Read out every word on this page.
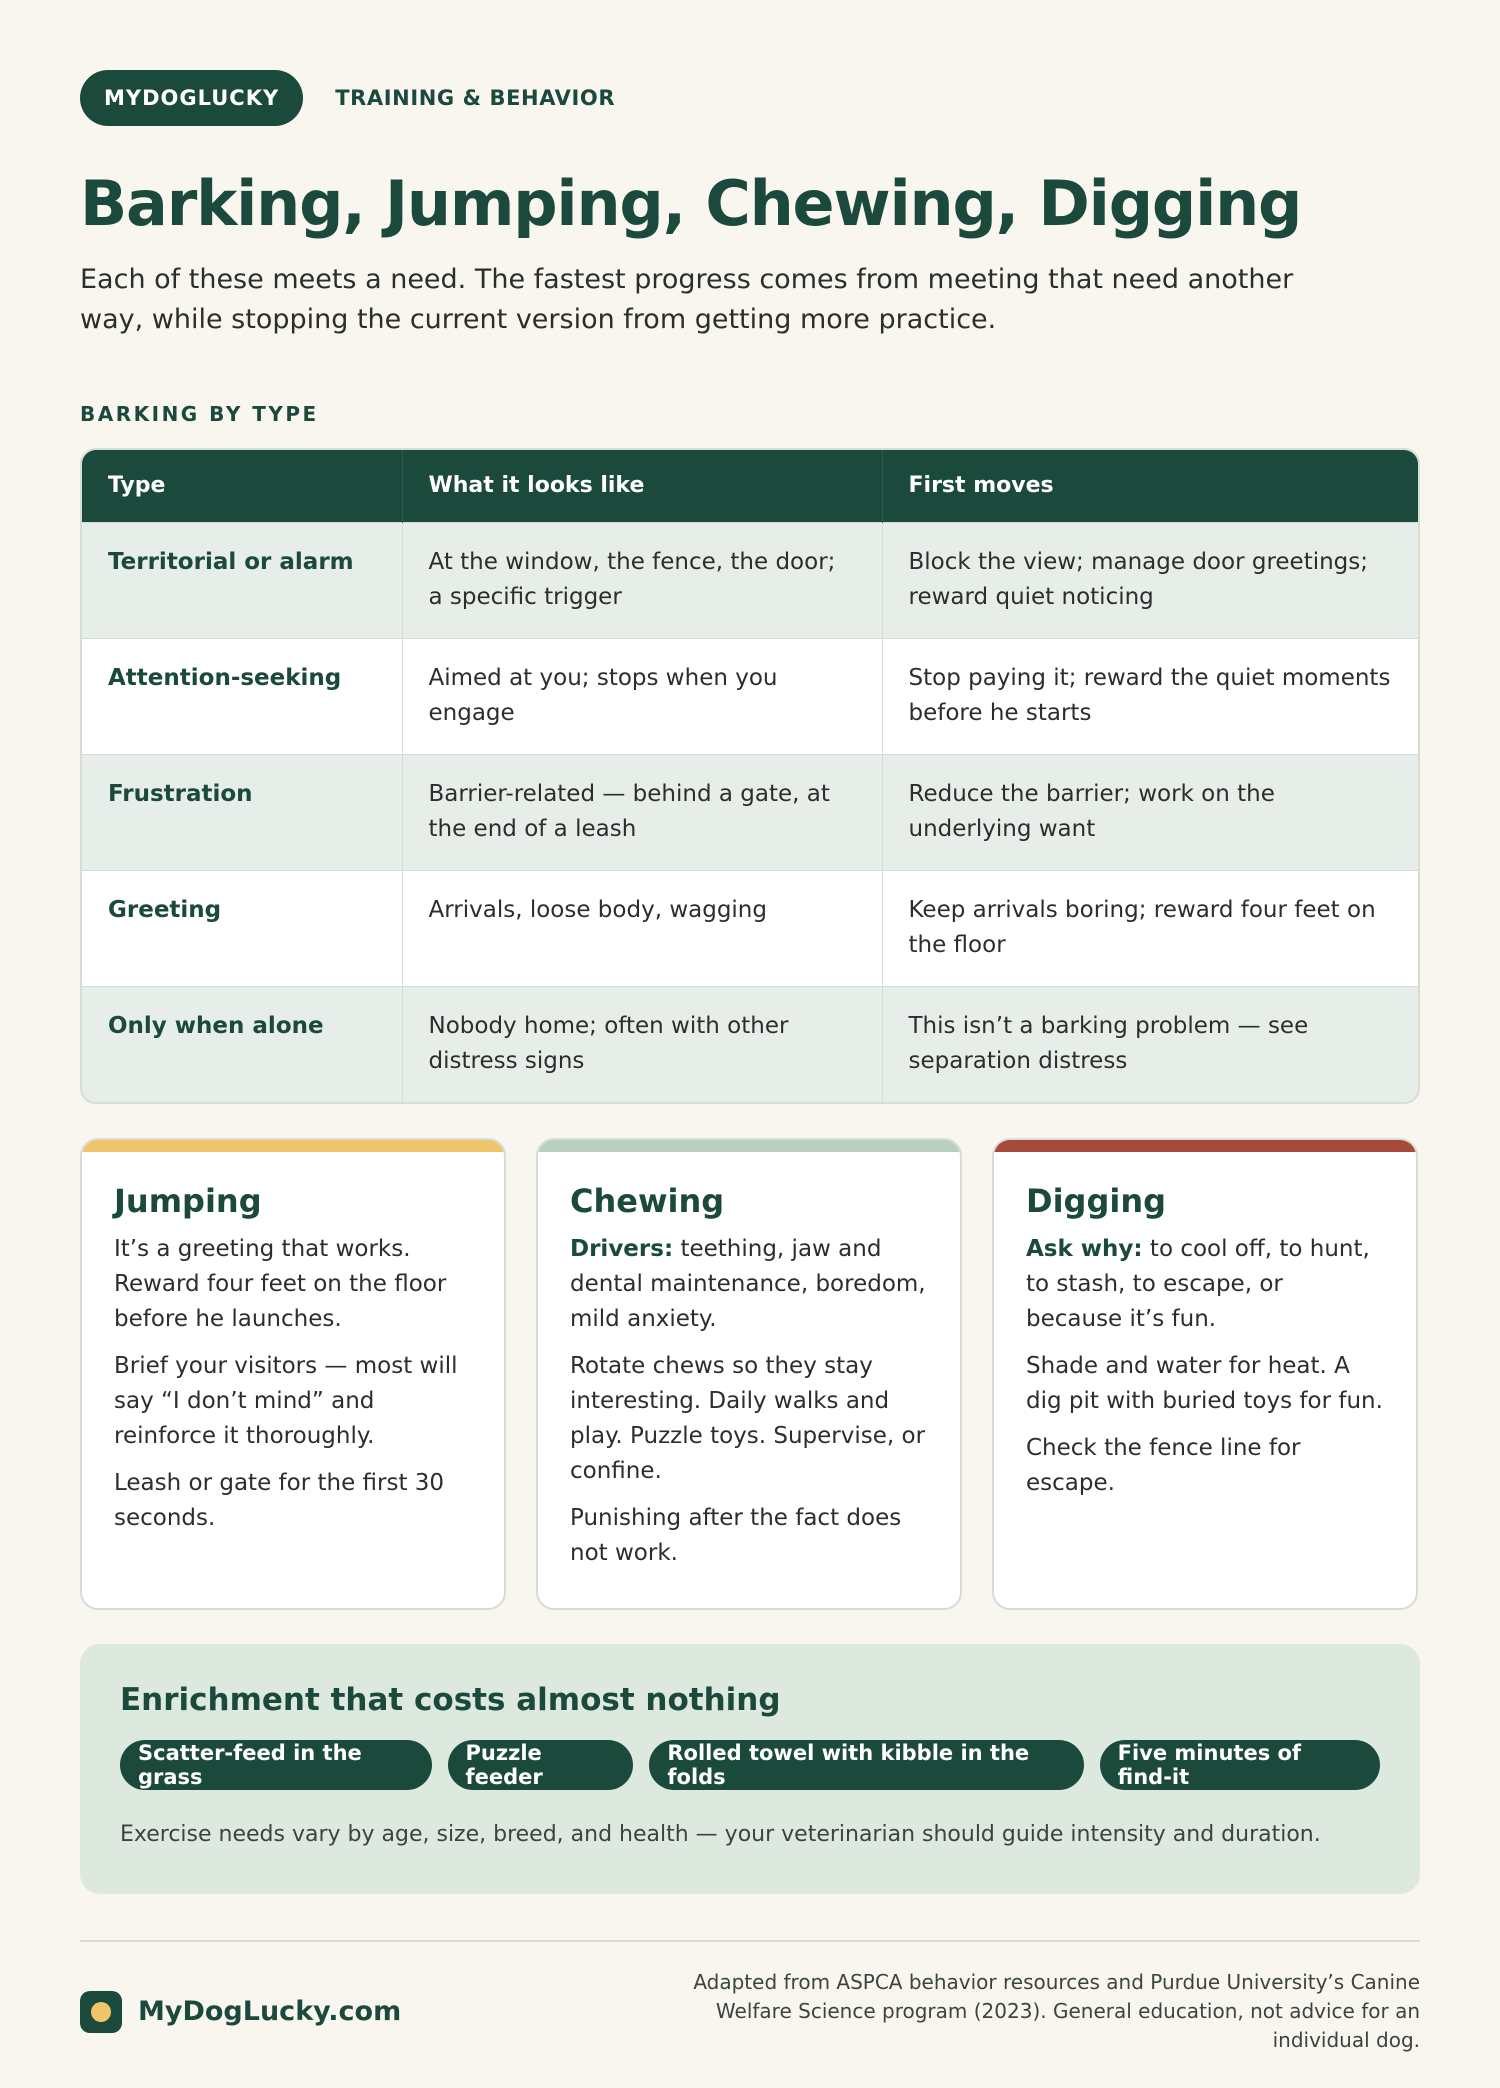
MYDOGLUCKY	TRAINING & BEHAVIOR
Barking, Jumping, Chewing, Digging

Each of these meets a need. The fastest progress comes from meeting that need another way, while stopping the current version from getting more practice.

BARKING BY TYPE
Type	What it looks like	First moves
Territorial or alarm	At the window, the fence, the door; a specific trigger	Block the view; manage door greetings; reward quiet noticing
Attention-seeking	Aimed at you; stops when you engage	Stop paying it; reward the quiet moments before he starts
Frustration	Barrier-related — behind a gate, at the end of a leash	Reduce the barrier; work on the underlying want
Greeting	Arrivals, loose body, wagging	Keep arrivals boring; reward four feet on the floor
Only when alone	Nobody home; often with other distress signs	This isn’t a barking problem — see separation distress
Jumping

It’s a greeting that works. Reward four feet on the floor before he launches.

Brief your visitors — most will say “I don’t mind” and reinforce it thoroughly.

Leash or gate for the first 30 seconds.

Chewing

Drivers: teething, jaw and dental maintenance, boredom, mild anxiety.

Rotate chews so they stay interesting. Daily walks and play. Puzzle toys. Supervise, or confine.

Punishing after the fact does not work.

Digging

Ask why: to cool off, to hunt, to stash, to escape, or because it’s fun.

Shade and water for heat. A dig pit with buried toys for fun.

Check the fence line for escape.

Enrichment that costs almost nothing
Scatter-feed in the grass
Puzzle feeder
Rolled towel with kibble in the folds
Five minutes of find-it

Exercise needs vary by age, size, breed, and health — your veterinarian should guide intensity and duration.

MyDogLucky.com

Adapted from ASPCA behavior resources and Purdue University’s Canine Welfare Science program (2023). General education, not advice for an individual dog.
